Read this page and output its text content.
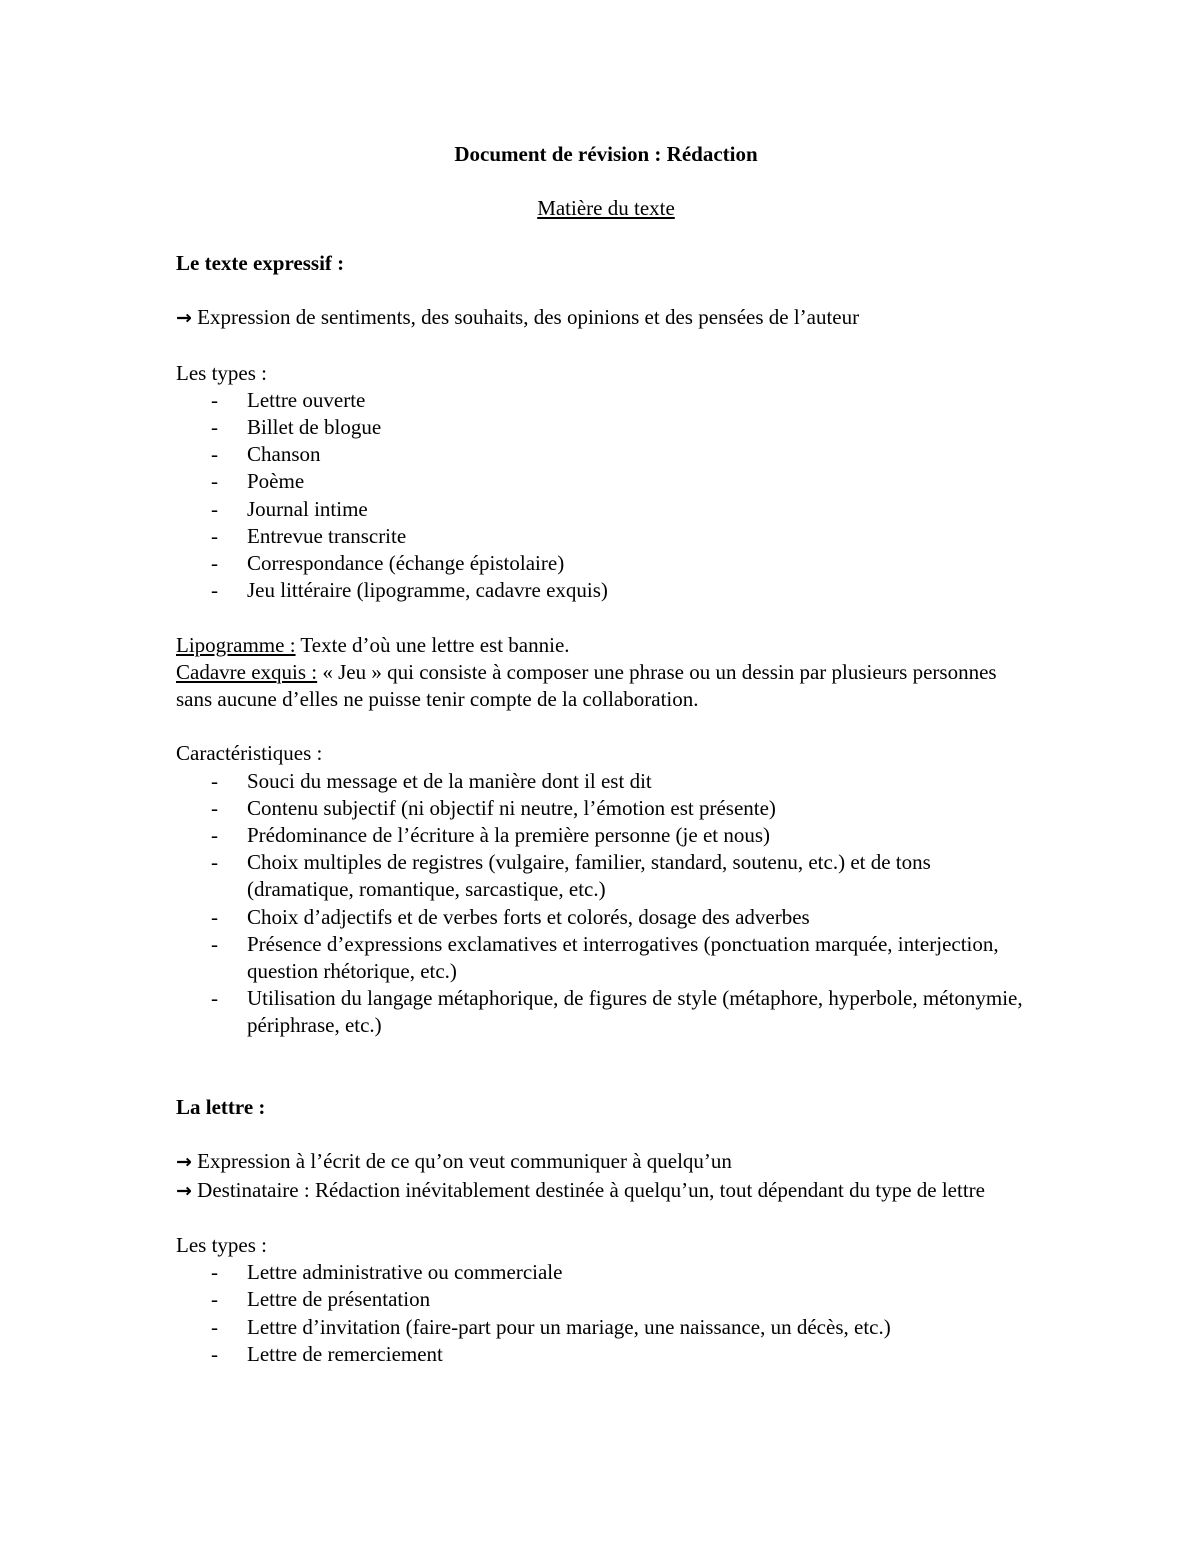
Document de révision : Rédaction
Matière du texte
Le texte expressif :
→ Expression de sentiments, des souhaits, des opinions et des pensées de l’auteur
Les types :
- Lettre ouverte
- Billet de blogue
- Chanson
- Poème
- Journal intime
- Entrevue transcrite
- Correspondance (échange épistolaire)
- Jeu littéraire (lipogramme, cadavre exquis)
Lipogramme : Texte d’où une lettre est bannie.
Cadavre exquis : « Jeu » qui consiste à composer une phrase ou un dessin par plusieurs personnes sans aucune d’elles ne puisse tenir compte de la collaboration.
Caractéristiques :
- Souci du message et de la manière dont il est dit
- Contenu subjectif (ni objectif ni neutre, l’émotion est présente)
- Prédominance de l’écriture à la première personne (je et nous)
- Choix multiples de registres (vulgaire, familier, standard, soutenu, etc.) et de tons (dramatique, romantique, sarcastique, etc.)
- Choix d’adjectifs et de verbes forts et colorés, dosage des adverbes
- Présence d’expressions exclamatives et interrogatives (ponctuation marquée, interjection, question rhétorique, etc.)
- Utilisation du langage métaphorique, de figures de style (métaphore, hyperbole, métonymie, périphrase, etc.)
La lettre :
→ Expression à l’écrit de ce qu’on veut communiquer à quelqu’un
→ Destinataire : Rédaction inévitablement destinée à quelqu’un, tout dépendant du type de lettre
Les types :
- Lettre administrative ou commerciale
- Lettre de présentation
- Lettre d’invitation (faire-part pour un mariage, une naissance, un décès, etc.)
- Lettre de remerciement
